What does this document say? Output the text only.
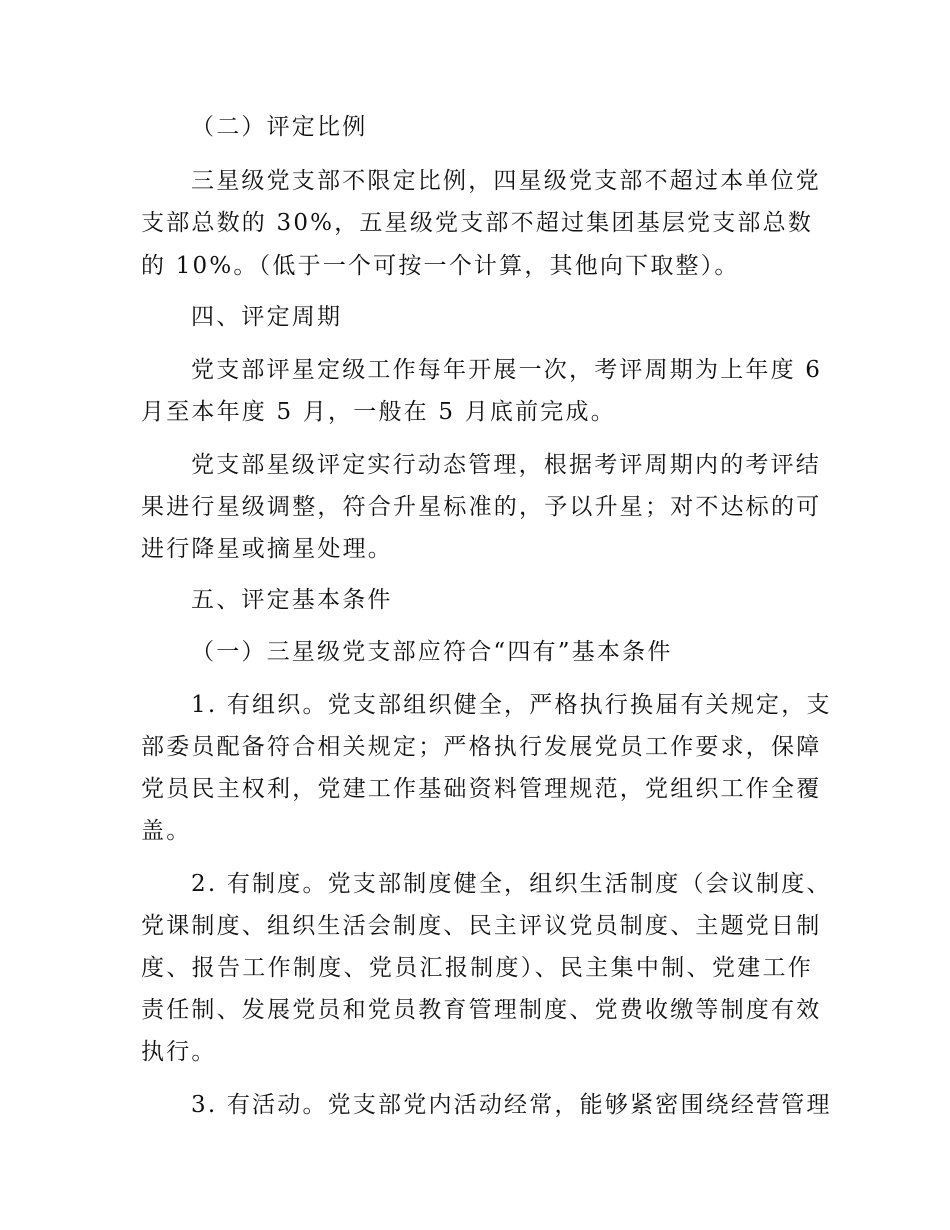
（二）评定比例

三星级党支部不限定比例，四星级党支部不超过本单位党

支部总数的 30%，五星级党支部不超过集团基层党支部总数

的 10%。（低于一个可按一个计算，其他向下取整）。

四、评定周期

党支部评星定级工作每年开展一次，考评周期为上年度 6

月至本年度 5 月，一般在 5 月底前完成。

党支部星级评定实行动态管理，根据考评周期内的考评结

果进行星级调整，符合升星标准的，予以升星；对不达标的可

进行降星或摘星处理。

五、评定基本条件

（一）三星级党支部应符合“四有”基本条件

1. 有组织。党支部组织健全，严格执行换届有关规定，支

部委员配备符合相关规定；严格执行发展党员工作要求，保障

党员民主权利，党建工作基础资料管理规范，党组织工作全覆

盖。

2. 有制度。党支部制度健全，组织生活制度（会议制度、

党课制度、组织生活会制度、民主评议党员制度、主题党日制

度、报告工作制度、党员汇报制度）、民主集中制、党建工作

责任制、发展党员和党员教育管理制度、党费收缴等制度有效

执行。

3. 有活动。党支部党内活动经常，能够紧密围绕经营管理
